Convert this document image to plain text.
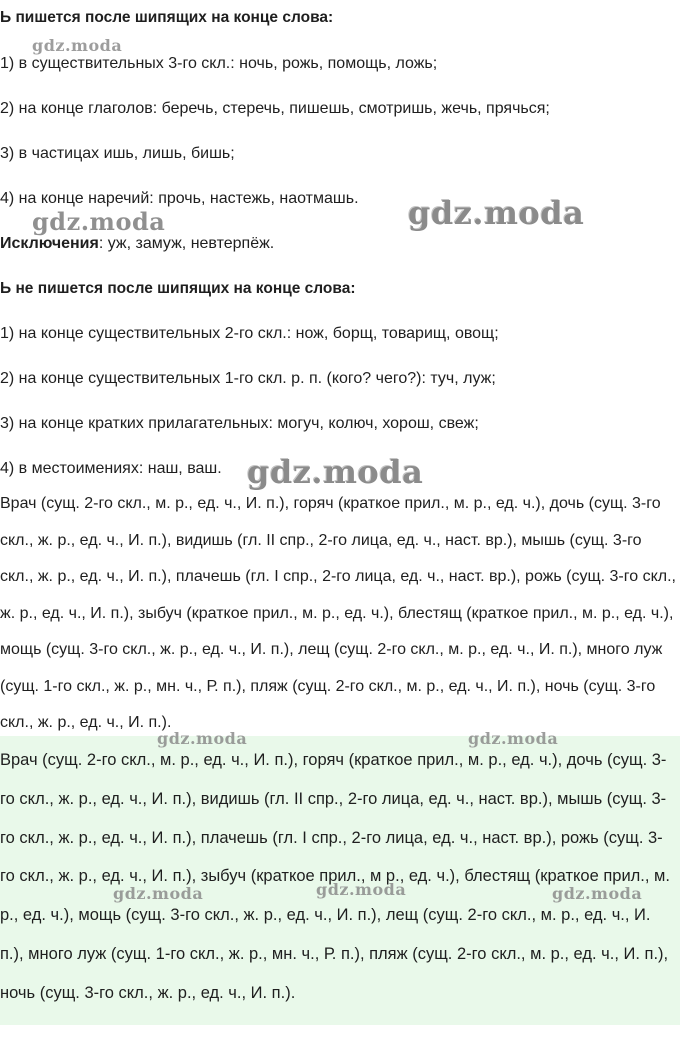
Ь пишется после шипящих на конце слова:
1) в существительных 3-го скл.: ночь, рожь, помощь, ложь;
2) на конце глаголов: беречь, стеречь, пишешь, смотришь, жечь, прячься;
3) в частицах ишь, лишь, бишь;
4) на конце наречий: прочь, настежь, наотмашь.
Исключения: уж, замуж, невтерпёж.
Ь не пишется после шипящих на конце слова:
1) на конце существительных 2-го скл.: нож, борщ, товарищ, овощ;
2) на конце существительных 1-го скл. р. п. (кого? чего?): туч, луж;
3) на конце кратких прилагательных: могуч, колюч, хорош, свеж;
4) в местоимениях: наш, ваш.

Врач (сущ. 2-го скл., м. р., ед. ч., И. п.), горяч (краткое прил., м. р., ед. ч.), дочь (сущ. 3-го скл., ж. р., ед. ч., И. п.), видишь (гл. II спр., 2-го лица, ед. ч., наст. вр.), мышь (сущ. 3-го скл., ж. р., ед. ч., И. п.), плачешь (гл. I спр., 2-го лица, ед. ч., наст. вр.), рожь (сущ. 3-го скл., ж. р., ед. ч., И. п.), зыбуч (краткое прил., м. р., ед. ч.), блестящ (краткое прил., м. р., ед. ч.), мощь (сущ. 3-го скл., ж. р., ед. ч., И. п.), лещ (сущ. 2-го скл., м. р., ед. ч., И. п.), много луж (сущ. 1-го скл., ж. р., мн. ч., Р. п.), пляж (сущ. 2-го скл., м. р., ед. ч., И. п.), ночь (сущ. 3-го скл., ж. р., ед. ч., И. п.).

Врач (сущ. 2-го скл., м. р., ед. ч., И. п.), горяч (краткое прил., м. р., ед. ч.), дочь (сущ. 3-го скл., ж. р., ед. ч., И. п.), видишь (гл. II спр., 2-го лица, ед. ч., наст. вр.), мышь (сущ. 3-го скл., ж. р., ед. ч., И. п.), плачешь (гл. I спр., 2-го лица, ед. ч., наст. вр.), рожь (сущ. 3-го скл., ж. р., ед. ч., И. п.), зыбуч (краткое прил., м р., ед. ч.), блестящ (краткое прил., м. р., ед. ч.), мощь (сущ. 3-го скл., ж. р., ед. ч., И. п.), лещ (сущ. 2-го скл., м. р., ед. ч., И. п.), много луж (сущ. 1-го скл., ж. р., мн. ч., Р. п.), пляж (сущ. 2-го скл., м. р., ед. ч., И. п.), ночь (сущ. 3-го скл., ж. р., ед. ч., И. п.).

gdz.moda
gdz.moda	gdz.moda
gdz.moda
gdz.moda	gdz.moda
gdz.moda	gdz.moda	gdz.moda
